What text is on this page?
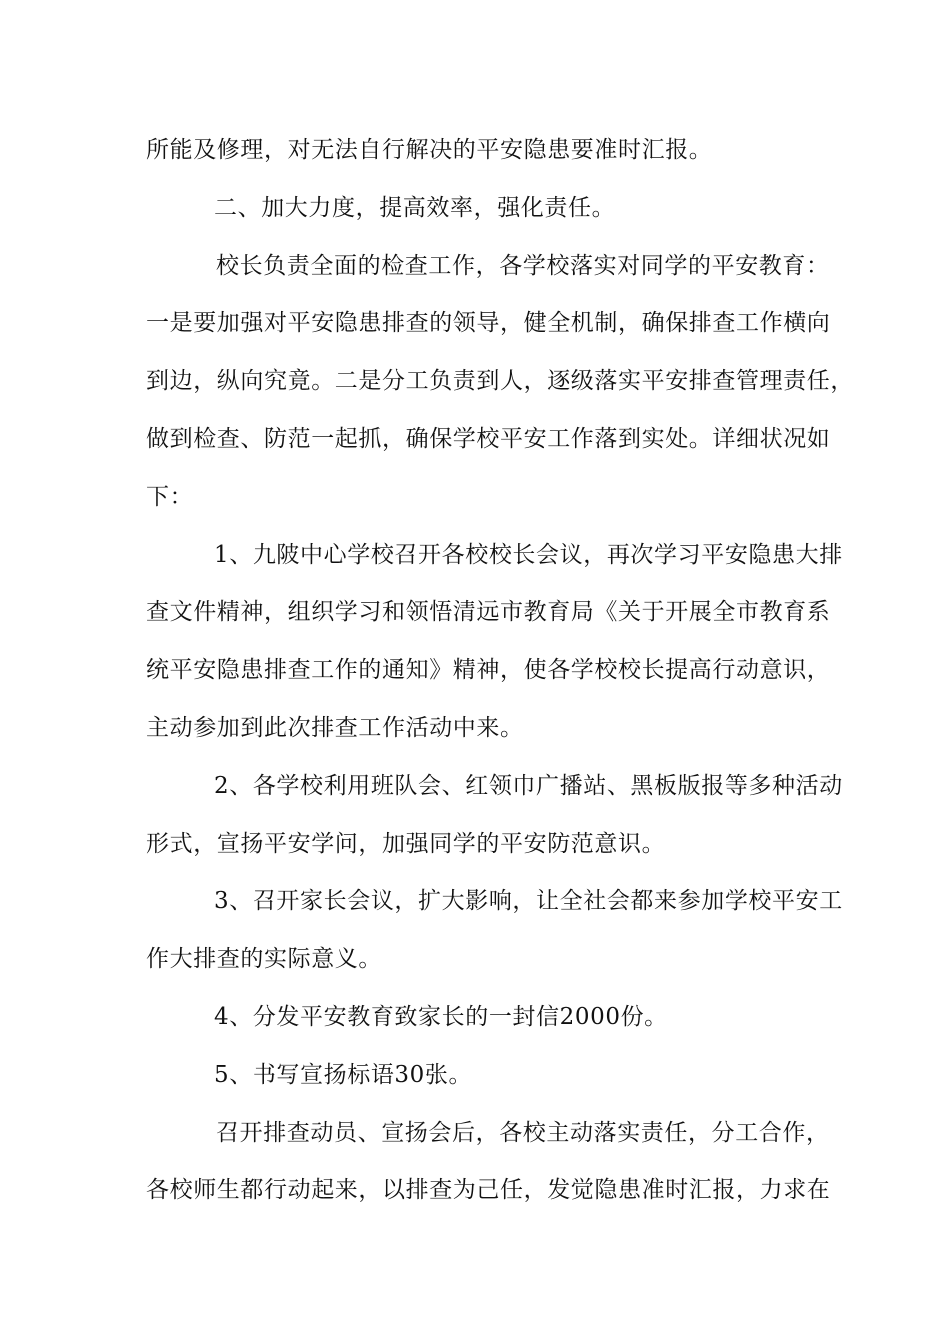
所能及修理，对无法自行解决的平安隐患要准时汇报。
二、加大力度，提高效率，强化责任。
校长负责全面的检查工作，各学校落实对同学的平安教育：
一是要加强对平安隐患排查的领导，健全机制，确保排查工作横向
到边，纵向究竟。二是分工负责到人，逐级落实平安排查管理责任，
做到检查、防范一起抓，确保学校平安工作落到实处。详细状况如
下：
1、九陂中心学校召开各校校长会议，再次学习平安隐患大排
查文件精神，组织学习和领悟清远市教育局《关于开展全市教育系
统平安隐患排查工作的通知》精神，使各学校校长提高行动意识，
主动参加到此次排查工作活动中来。
2、各学校利用班队会、红领巾广播站、黑板版报等多种活动
形式，宣扬平安学问，加强同学的平安防范意识。
3、召开家长会议，扩大影响，让全社会都来参加学校平安工
作大排查的实际意义。
4、分发平安教育致家长的一封信2000份。
5、书写宣扬标语30张。
召开排查动员、宣扬会后，各校主动落实责任，分工合作，
各校师生都行动起来，以排查为己任，发觉隐患准时汇报，力求在
